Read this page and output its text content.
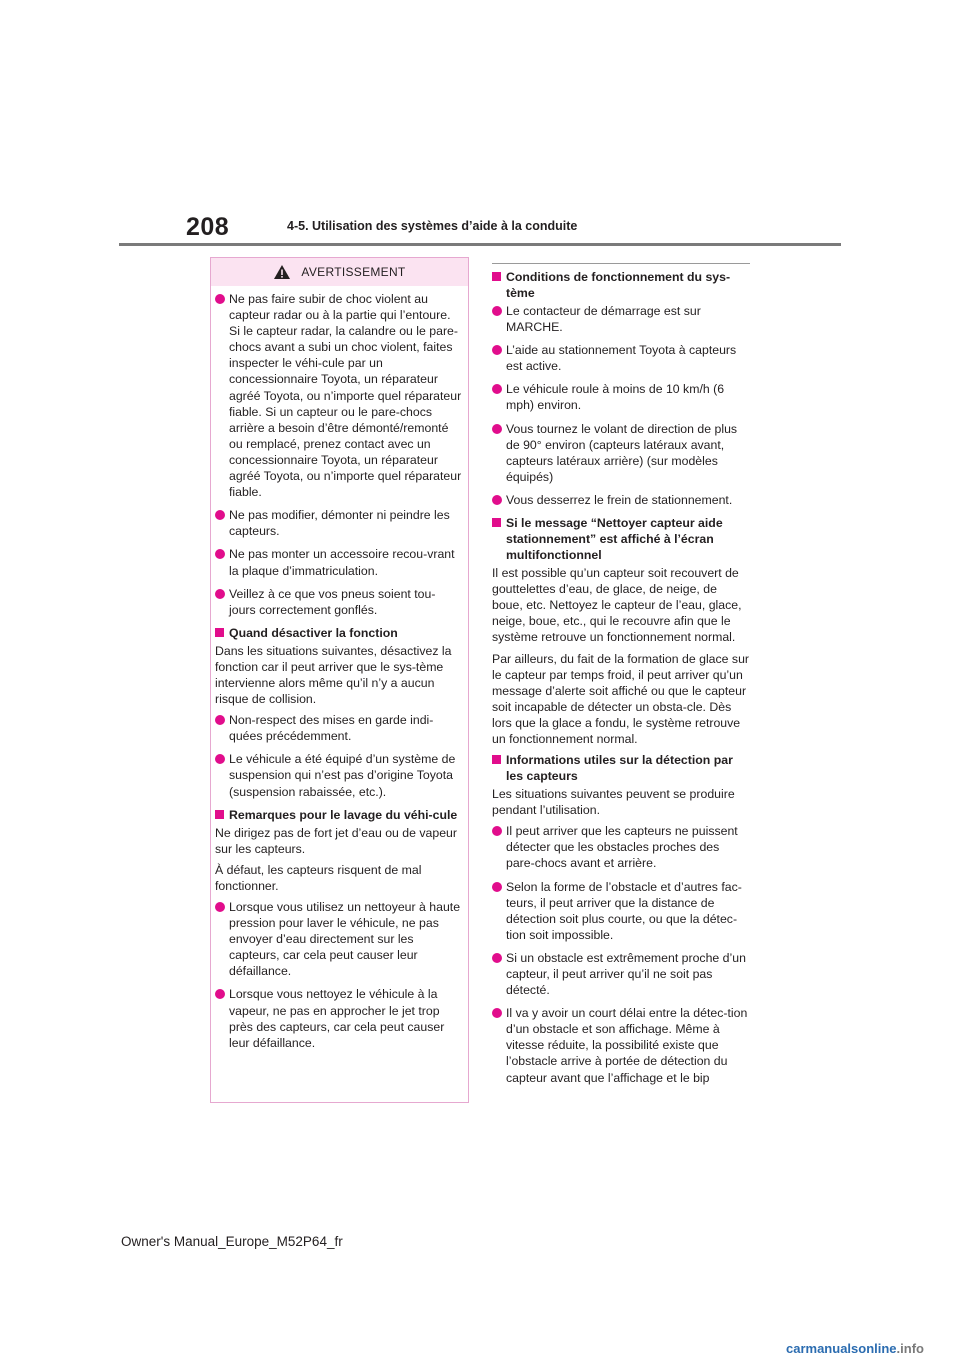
208	4-5. Utilisation des systèmes d’aide à la conduite
AVERTISSEMENT
Ne pas faire subir de choc violent au capteur radar ou à la partie qui l’entoure. Si le capteur radar, la calandre ou le pare-chocs avant a subi un choc violent, faites inspecter le véhi-cule par un concessionnaire Toyota, un réparateur agréé Toyota, ou n’importe quel réparateur fiable. Si un capteur ou le pare-chocs arrière a besoin d’être démonté/remonté ou remplacé, prenez contact avec un concessionnaire Toyota, un réparateur agréé Toyota, ou n’importe quel réparateur fiable.
Ne pas modifier, démonter ni peindre les capteurs.
Ne pas monter un accessoire recou-vrant la plaque d’immatriculation.
Veillez à ce que vos pneus soient tou-jours correctement gonflés.
Quand désactiver la fonction

Dans les situations suivantes, désactivez la fonction car il peut arriver que le sys-tème intervienne alors même qu’il n’y a aucun risque de collision.

Non-respect des mises en garde indi-quées précédemment.
Le véhicule a été équipé d’un système de suspension qui n’est pas d’origine Toyota (suspension rabaissée, etc.).
Remarques pour le lavage du véhi-cule

Ne dirigez pas de fort jet d’eau ou de vapeur sur les capteurs.

À défaut, les capteurs risquent de mal fonctionner.

Lorsque vous utilisez un nettoyeur à haute pression pour laver le véhicule, ne pas envoyer d’eau directement sur les capteurs, car cela peut causer leur défaillance.
Lorsque vous nettoyez le véhicule à la vapeur, ne pas en approcher le jet trop près des capteurs, car cela peut causer leur défaillance.
Conditions de fonctionnement du sys-tème
Le contacteur de démarrage est sur MARCHE.
L’aide au stationnement Toyota à capteurs est active.
Le véhicule roule à moins de 10 km/h (6 mph) environ.
Vous tournez le volant de direction de plus de 90° environ (capteurs latéraux avant, capteurs latéraux arrière) (sur modèles équipés)
Vous desserrez le frein de stationnement.
Si le message “Nettoyer capteur aide stationnement” est affiché à l’écran multifonctionnel

Il est possible qu’un capteur soit recouvert de gouttelettes d’eau, de glace, de neige, de boue, etc. Nettoyez le capteur de l’eau, glace, neige, boue, etc., qui le recouvre afin que le système retrouve un fonctionnement normal.

Par ailleurs, du fait de la formation de glace sur le capteur par temps froid, il peut arriver qu’un message d’alerte soit affiché ou que le capteur soit incapable de détecter un obsta-cle. Dès lors que la glace a fondu, le système retrouve un fonctionnement normal.

Informations utiles sur la détection par les capteurs

Les situations suivantes peuvent se produire pendant l’utilisation.

Il peut arriver que les capteurs ne puissent détecter que les obstacles proches des pare-chocs avant et arrière.
Selon la forme de l’obstacle et d’autres fac-teurs, il peut arriver que la distance de détection soit plus courte, ou que la détec-tion soit impossible.
Si un obstacle est extrêmement proche d’un capteur, il peut arriver qu’il ne soit pas détecté.
Il va y avoir un court délai entre la détec-tion d’un obstacle et son affichage. Même à vitesse réduite, la possibilité existe que l’obstacle arrive à portée de détection du capteur avant que l’affichage et le bip
Owner's Manual_Europe_M52P64_fr
carmanualsonline.info
